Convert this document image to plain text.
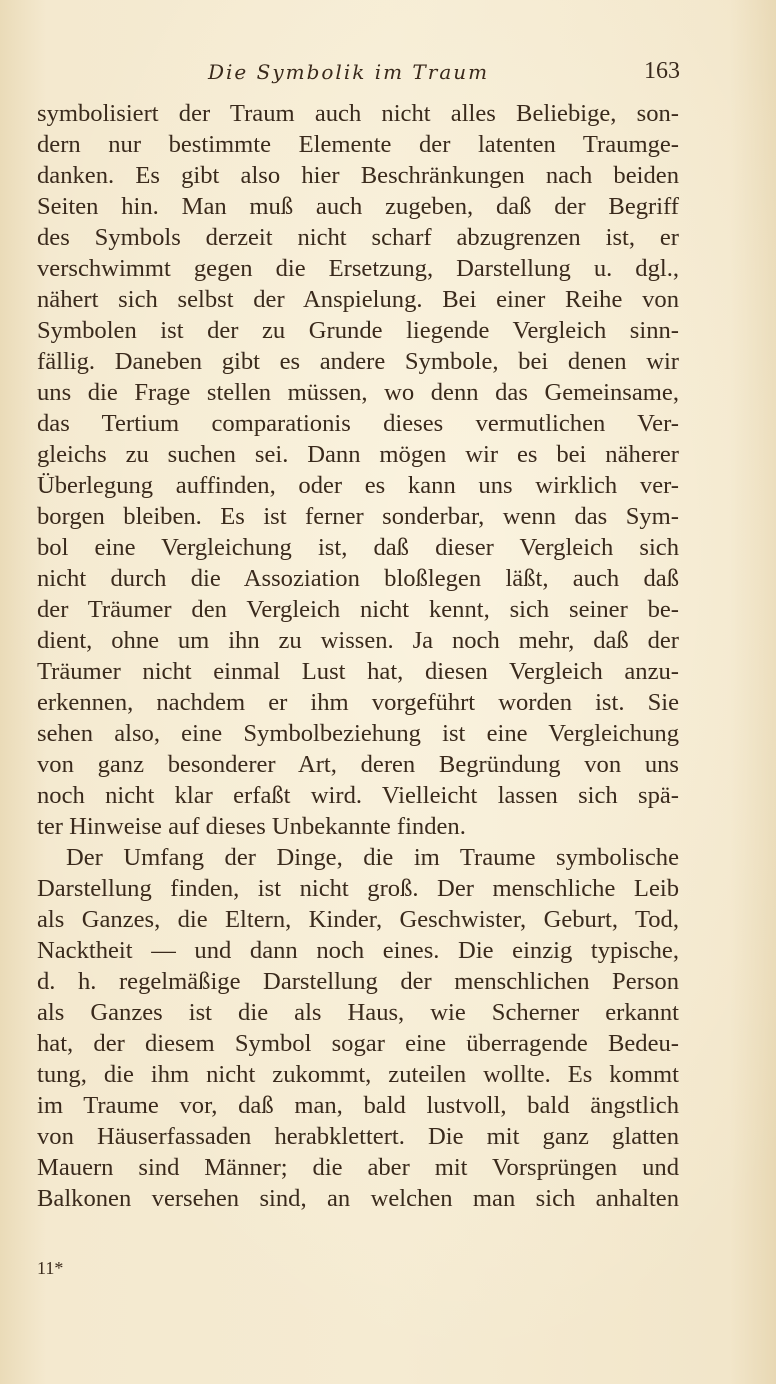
Die Symbolik im Traum	163
symbolisiert der Traum auch nicht alles Beliebige, son-
dern nur bestimmte Elemente der latenten Traumge-
danken. Es gibt also hier Beschränkungen nach beiden
Seiten hin. Man muß auch zugeben, daß der Begriff
des Symbols derzeit nicht scharf abzugrenzen ist, er
verschwimmt gegen die Ersetzung, Darstellung u. dgl.,
nähert sich selbst der Anspielung. Bei einer Reihe von
Symbolen ist der zu Grunde liegende Vergleich sinn-
fällig. Daneben gibt es andere Symbole, bei denen wir
uns die Frage stellen müssen, wo denn das Gemeinsame,
das Tertium comparationis dieses vermutlichen Ver-
gleichs zu suchen sei. Dann mögen wir es bei näherer
Überlegung auffinden, oder es kann uns wirklich ver-
borgen bleiben. Es ist ferner sonderbar, wenn das Sym-
bol eine Vergleichung ist, daß dieser Vergleich sich
nicht durch die Assoziation bloßlegen läßt, auch daß
der Träumer den Vergleich nicht kennt, sich seiner be-
dient, ohne um ihn zu wissen. Ja noch mehr, daß der
Träumer nicht einmal Lust hat, diesen Vergleich anzu-
erkennen, nachdem er ihm vorgeführt worden ist. Sie
sehen also, eine Symbolbeziehung ist eine Vergleichung
von ganz besonderer Art, deren Begründung von uns
noch nicht klar erfaßt wird. Vielleicht lassen sich spä-
ter Hinweise auf dieses Unbekannte finden.
Der Umfang der Dinge, die im Traume symbolische
Darstellung finden, ist nicht groß. Der menschliche Leib
als Ganzes, die Eltern, Kinder, Geschwister, Geburt, Tod,
Nacktheit — und dann noch eines. Die einzig typische,
d. h. regelmäßige Darstellung der menschlichen Person
als Ganzes ist die als Haus, wie Scherner erkannt
hat, der diesem Symbol sogar eine überragende Bedeu-
tung, die ihm nicht zukommt, zuteilen wollte. Es kommt
im Traume vor, daß man, bald lustvoll, bald ängstlich
von Häuserfassaden herabklettert. Die mit ganz glatten
Mauern sind Männer; die aber mit Vorsprüngen und
Balkonen versehen sind, an welchen man sich anhalten
11*
